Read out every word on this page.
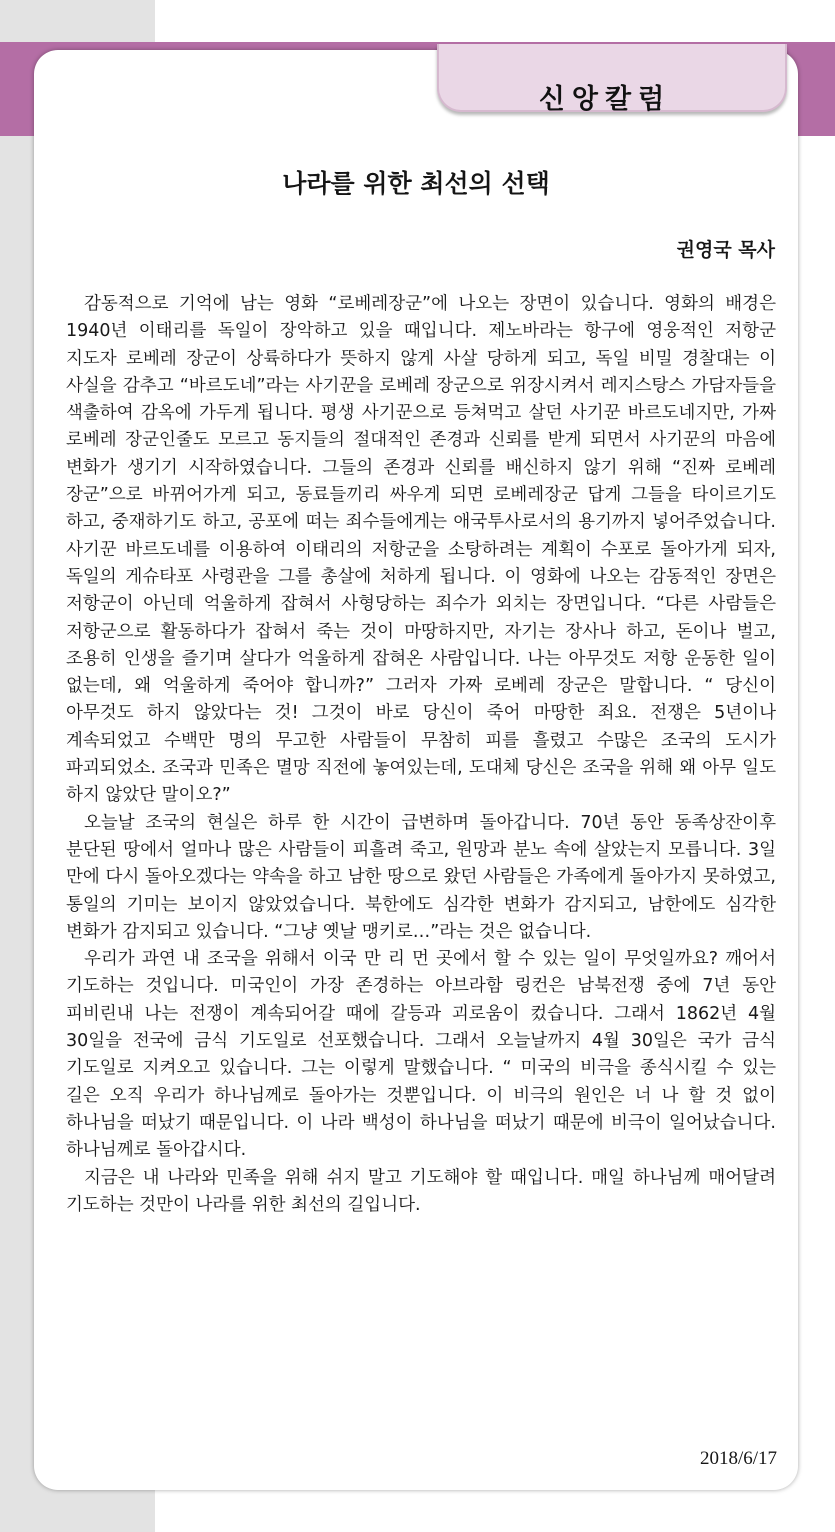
신앙칼럼
나라를 위한 최선의 선택
권영국 목사

감동적으로 기억에 남는 영화 “로베레장군”에 나오는 장면이 있습니다. 영화의 배경은 1940년 이태리를 독일이 장악하고 있을 때입니다. 제노바라는 항구에 영웅적인 저항군 지도자 로베레 장군이 상륙하다가 뜻하지 않게 사살 당하게 되고, 독일 비밀 경찰대는 이 사실을 감추고 “바르도네”라는 사기꾼을 로베레 장군으로 위장시켜서 레지스탕스 가담자들을 색출하여 감옥에 가두게 됩니다. 평생 사기꾼으로 등쳐먹고 살던 사기꾼 바르도네지만, 가짜 로베레 장군인줄도 모르고 동지들의 절대적인 존경과 신뢰를 받게 되면서 사기꾼의 마음에 변화가 생기기 시작하였습니다. 그들의 존경과 신뢰를 배신하지 않기 위해 “진짜 로베레 장군”으로 바뀌어가게 되고, 동료들끼리 싸우게 되면 로베레장군 답게 그들을 타이르기도 하고, 중재하기도 하고, 공포에 떠는 죄수들에게는 애국투사로서의 용기까지 넣어주었습니다. 사기꾼 바르도네를 이용하여 이태리의 저항군을 소탕하려는 계획이 수포로 돌아가게 되자, 독일의 게슈타포 사령관을 그를 총살에 처하게 됩니다. 이 영화에 나오는 감동적인 장면은 저항군이 아닌데 억울하게 잡혀서 사형당하는 죄수가 외치는 장면입니다. “다른 사람들은 저항군으로 활동하다가 잡혀서 죽는 것이 마땅하지만, 자기는 장사나 하고, 돈이나 벌고, 조용히 인생을 즐기며 살다가 억울하게 잡혀온 사람입니다. 나는 아무것도 저항 운동한 일이 없는데, 왜 억울하게 죽어야 합니까?” 그러자 가짜 로베레 장군은 말합니다. “ 당신이 아무것도 하지 않았다는 것! 그것이 바로 당신이 죽어 마땅한 죄요. 전쟁은 5년이나 계속되었고 수백만 명의 무고한 사람들이 무참히 피를 흘렸고 수많은 조국의 도시가 파괴되었소. 조국과 민족은 멸망 직전에 놓여있는데, 도대체 당신은 조국을 위해 왜 아무 일도 하지 않았단 말이오?”

오늘날 조국의 현실은 하루 한 시간이 급변하며 돌아갑니다. 70년 동안 동족상잔이후 분단된 땅에서 얼마나 많은 사람들이 피흘려 죽고, 원망과 분노 속에 살았는지 모릅니다. 3일 만에 다시 돌아오겠다는 약속을 하고 남한 땅으로 왔던 사람들은 가족에게 돌아가지 못하였고, 통일의 기미는 보이지 않았었습니다. 북한에도 심각한 변화가 감지되고, 남한에도 심각한 변화가 감지되고 있습니다. “그냥 옛날 맹키로…”라는 것은 없습니다.

우리가 과연 내 조국을 위해서 이국 만 리 먼 곳에서 할 수 있는 일이 무엇일까요? 깨어서 기도하는 것입니다. 미국인이 가장 존경하는 아브라함 링컨은 남북전쟁 중에 7년 동안 피비린내 나는 전쟁이 계속되어갈 때에 갈등과 괴로움이 컸습니다. 그래서 1862년 4월 30일을 전국에 금식 기도일로 선포했습니다. 그래서 오늘날까지 4월 30일은 국가 금식 기도일로 지켜오고 있습니다. 그는 이렇게 말했습니다. “ 미국의 비극을 종식시킬 수 있는 길은 오직 우리가 하나님께로 돌아가는 것뿐입니다. 이 비극의 원인은 너 나 할 것 없이 하나님을 떠났기 때문입니다. 이 나라 백성이 하나님을 떠났기 때문에 비극이 일어났습니다. 하나님께로 돌아갑시다.

지금은 내 나라와 민족을 위해 쉬지 말고 기도해야 할 때입니다. 매일 하나님께 매어달려 기도하는 것만이 나라를 위한 최선의 길입니다.

2018/6/17
